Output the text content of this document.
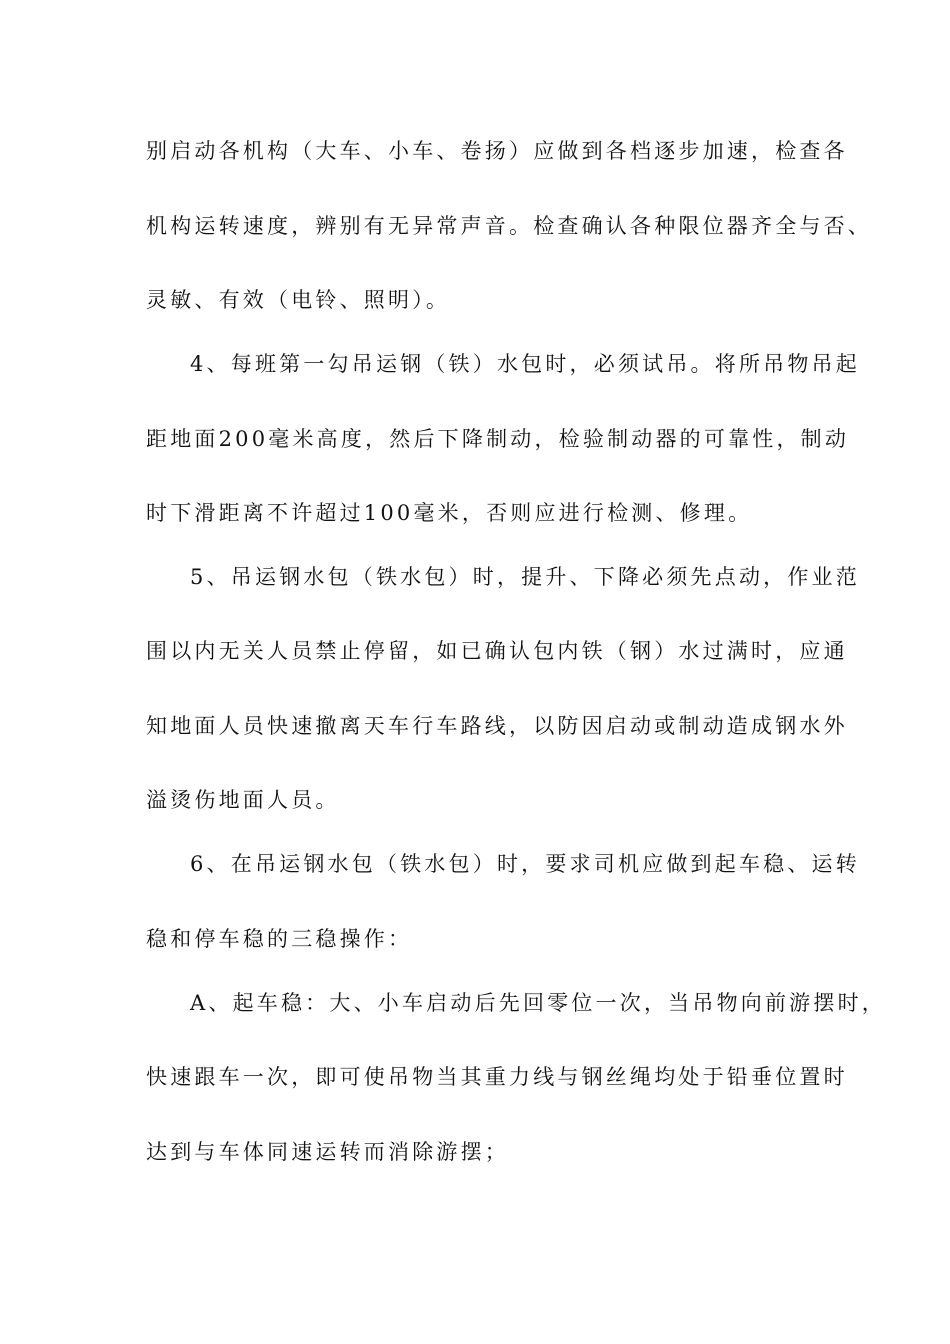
别启动各机构（大车、小车、卷扬）应做到各档逐步加速，检查各
机构运转速度，辨别有无异常声音。检查确认各种限位器齐全与否、
灵敏、有效（电铃、照明）。
4、每班第一勾吊运钢（铁）水包时，必须试吊。将所吊物吊起
距地面200毫米高度，然后下降制动，检验制动器的可靠性，制动
时下滑距离不许超过100毫米，否则应进行检测、修理。
5、吊运钢水包（铁水包）时，提升、下降必须先点动，作业范
围以内无关人员禁止停留，如已确认包内铁（钢）水过满时，应通
知地面人员快速撤离天车行车路线，以防因启动或制动造成钢水外
溢烫伤地面人员。
6、在吊运钢水包（铁水包）时，要求司机应做到起车稳、运转
稳和停车稳的三稳操作：
A、起车稳：大、小车启动后先回零位一次，当吊物向前游摆时，
快速跟车一次，即可使吊物当其重力线与钢丝绳均处于铅垂位置时
达到与车体同速运转而消除游摆；
